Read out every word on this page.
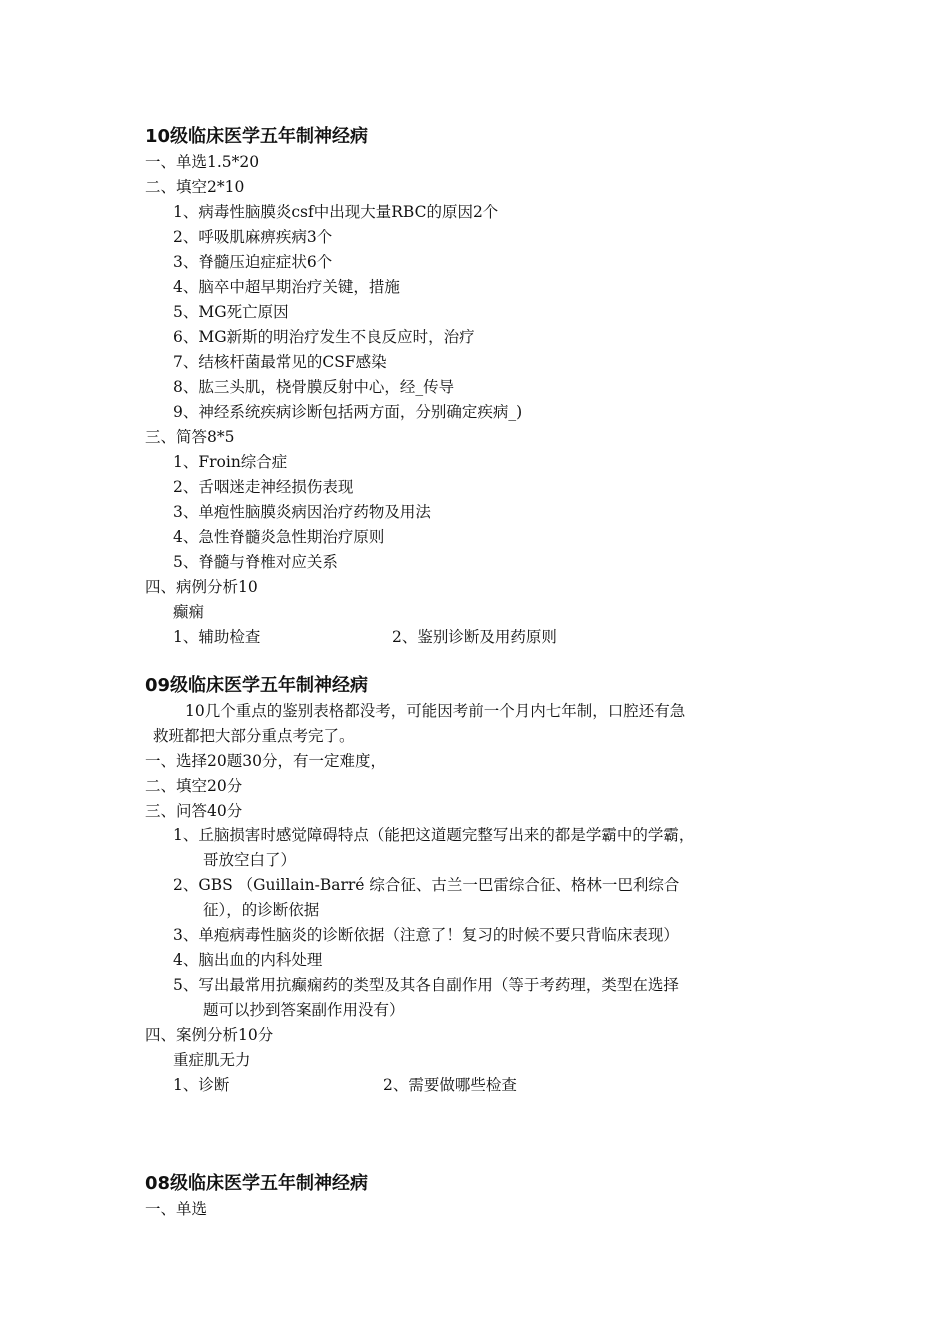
10级临床医学五年制神经病
一、单选1.5*20
二、填空2*10
1、病毒性脑膜炎csf中出现大量RBC的原因2个
2、呼吸肌麻痹疾病3个
3、脊髓压迫症症状6个
4、脑卒中超早期治疗关键，措施
5、MG死亡原因
6、MG新斯的明治疗发生不良反应时，治疗
7、结核杆菌最常见的CSF感染
8、肱三头肌，桡骨膜反射中心，经_传导
9、神经系统疾病诊断包括两方面，分别确定疾病_)
三、简答8*5
1、Froin综合症
2、舌咽迷走神经损伤表现
3、单疱性脑膜炎病因治疗药物及用法
4、急性脊髓炎急性期治疗原则
5、脊髓与脊椎对应关系
四、病例分析10
癫痫
1、辅助检查	2、鉴别诊断及用药原则
09级临床医学五年制神经病
10几个重点的鉴别表格都没考，可能因考前一个月内七年制，口腔还有急
救班都把大部分重点考完了。
一、选择20题30分，有一定难度，
二、填空20分
三、问答40分
1、丘脑损害时感觉障碍特点（能把这道题完整写出来的都是学霸中的学霸，
哥放空白了）
2、GBS （Guillain-Barré 综合征、古兰一巴雷综合征、格林一巴利综合
征），的诊断依据
3、单疱病毒性脑炎的诊断依据（注意了！复习的时候不要只背临床表现）
4、脑出血的内科处理
5、写出最常用抗癫痫药的类型及其各自副作用（等于考药理，类型在选择
题可以抄到答案副作用没有）
四、案例分析10分
重症肌无力
1、诊断	2、需要做哪些检查
08级临床医学五年制神经病
一、单选
